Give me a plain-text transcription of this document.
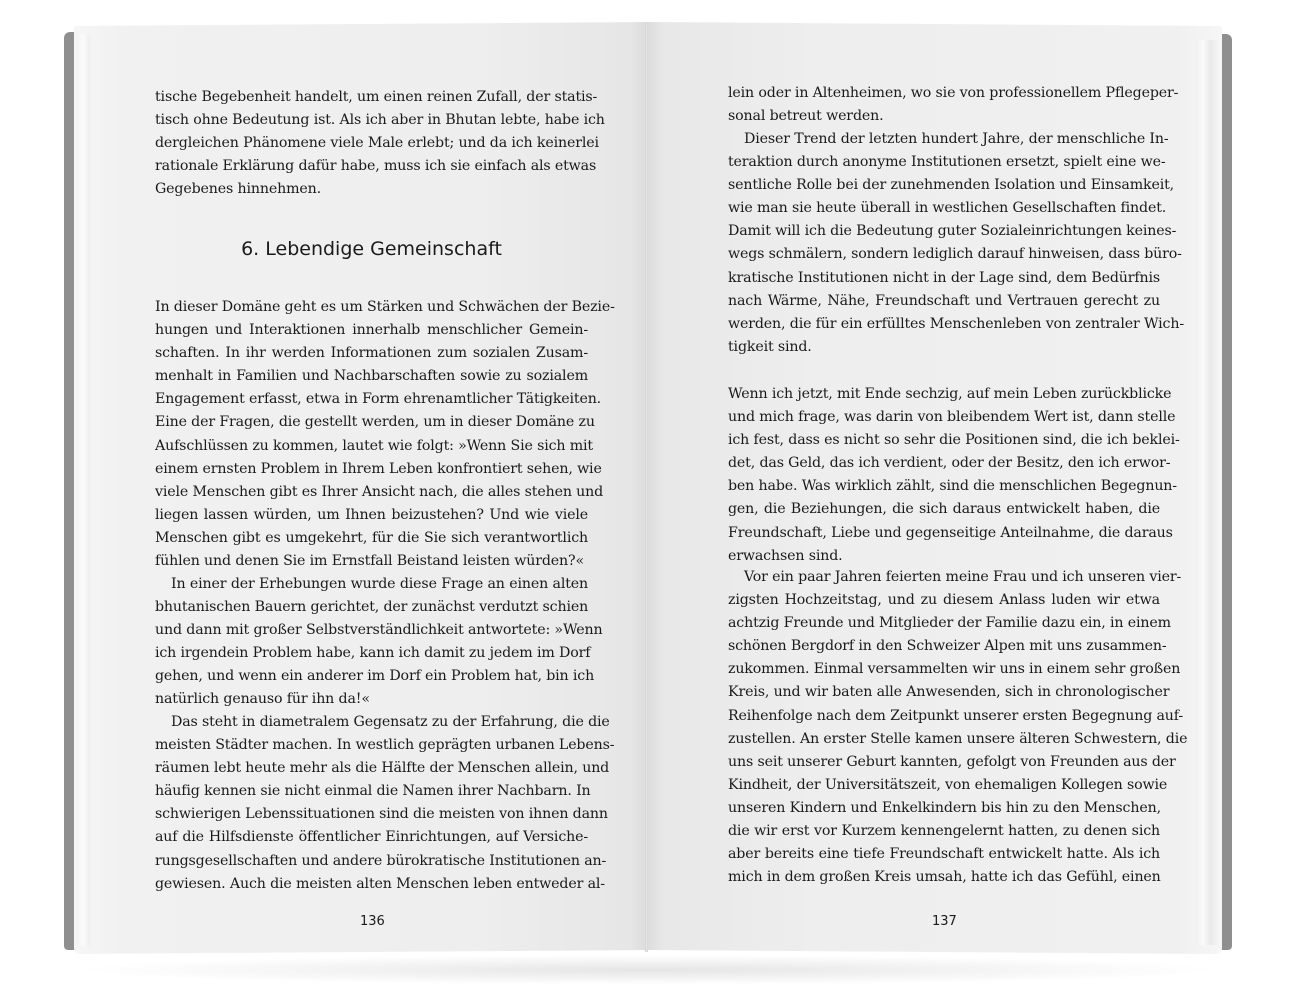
tische Begebenheit handelt, um einen reinen Zufall, der statis-
tisch ohne Bedeutung ist. Als ich aber in Bhutan lebte, habe ich
dergleichen Phänomene viele Male erlebt; und da ich keinerlei
rationale Erklärung dafür habe, muss ich sie einfach als etwas
Gegebenes hinnehmen.
6. Lebendige Gemeinschaft
In dieser Domäne geht es um Stärken und Schwächen der Bezie-
hungen und Interaktionen innerhalb menschlicher Gemein-
schaften. In ihr werden Informationen zum sozialen Zusam-
menhalt in Familien und Nachbarschaften sowie zu sozialem
Engagement erfasst, etwa in Form ehrenamtlicher Tätigkeiten.
Eine der Fragen, die gestellt werden, um in dieser Domäne zu
Aufschlüssen zu kommen, lautet wie folgt: »Wenn Sie sich mit
einem ernsten Problem in Ihrem Leben konfrontiert sehen, wie
viele Menschen gibt es Ihrer Ansicht nach, die alles stehen und
liegen lassen würden, um Ihnen beizustehen? Und wie viele
Menschen gibt es umgekehrt, für die Sie sich verantwortlich
fühlen und denen Sie im Ernstfall Beistand leisten würden?«
In einer der Erhebungen wurde diese Frage an einen alten
bhutanischen Bauern gerichtet, der zunächst verdutzt schien
und dann mit großer Selbstverständlichkeit antwortete: »Wenn
ich irgendein Problem habe, kann ich damit zu jedem im Dorf
gehen, und wenn ein anderer im Dorf ein Problem hat, bin ich
natürlich genauso für ihn da!«
Das steht in diametralem Gegensatz zu der Erfahrung, die die
meisten Städter machen. In westlich geprägten urbanen Lebens-
räumen lebt heute mehr als die Hälfte der Menschen allein, und
häufig kennen sie nicht einmal die Namen ihrer Nachbarn. In
schwierigen Lebenssituationen sind die meisten von ihnen dann
auf die Hilfsdienste öffentlicher Einrichtungen, auf Versiche-
rungsgesellschaften und andere bürokratische Institutionen an-
gewiesen. Auch die meisten alten Menschen leben entweder al-
136
lein oder in Altenheimen, wo sie von professionellem Pflegeper-
sonal betreut werden.
Dieser Trend der letzten hundert Jahre, der menschliche In-
teraktion durch anonyme Institutionen ersetzt, spielt eine we-
sentliche Rolle bei der zunehmenden Isolation und Einsamkeit,
wie man sie heute überall in westlichen Gesellschaften findet.
Damit will ich die Bedeutung guter Sozialeinrichtungen keines-
wegs schmälern, sondern lediglich darauf hinweisen, dass büro-
kratische Institutionen nicht in der Lage sind, dem Bedürfnis
nach Wärme, Nähe, Freundschaft und Vertrauen gerecht zu
werden, die für ein erfülltes Menschenleben von zentraler Wich-
tigkeit sind.
Wenn ich jetzt, mit Ende sechzig, auf mein Leben zurückblicke
und mich frage, was darin von bleibendem Wert ist, dann stelle
ich fest, dass es nicht so sehr die Positionen sind, die ich beklei-
det, das Geld, das ich verdient, oder der Besitz, den ich erwor-
ben habe. Was wirklich zählt, sind die menschlichen Begegnun-
gen, die Beziehungen, die sich daraus entwickelt haben, die
Freundschaft, Liebe und gegenseitige Anteilnahme, die daraus
erwachsen sind.
Vor ein paar Jahren feierten meine Frau und ich unseren vier-
zigsten Hochzeitstag, und zu diesem Anlass luden wir etwa
achtzig Freunde und Mitglieder der Familie dazu ein, in einem
schönen Bergdorf in den Schweizer Alpen mit uns zusammen-
zukommen. Einmal versammelten wir uns in einem sehr großen
Kreis, und wir baten alle Anwesenden, sich in chronologischer
Reihenfolge nach dem Zeitpunkt unserer ersten Begegnung auf-
zustellen. An erster Stelle kamen unsere älteren Schwestern, die
uns seit unserer Geburt kannten, gefolgt von Freunden aus der
Kindheit, der Universitätszeit, von ehemaligen Kollegen sowie
unseren Kindern und Enkelkindern bis hin zu den Menschen,
die wir erst vor Kurzem kennengelernt hatten, zu denen sich
aber bereits eine tiefe Freundschaft entwickelt hatte. Als ich
mich in dem großen Kreis umsah, hatte ich das Gefühl, einen
137
